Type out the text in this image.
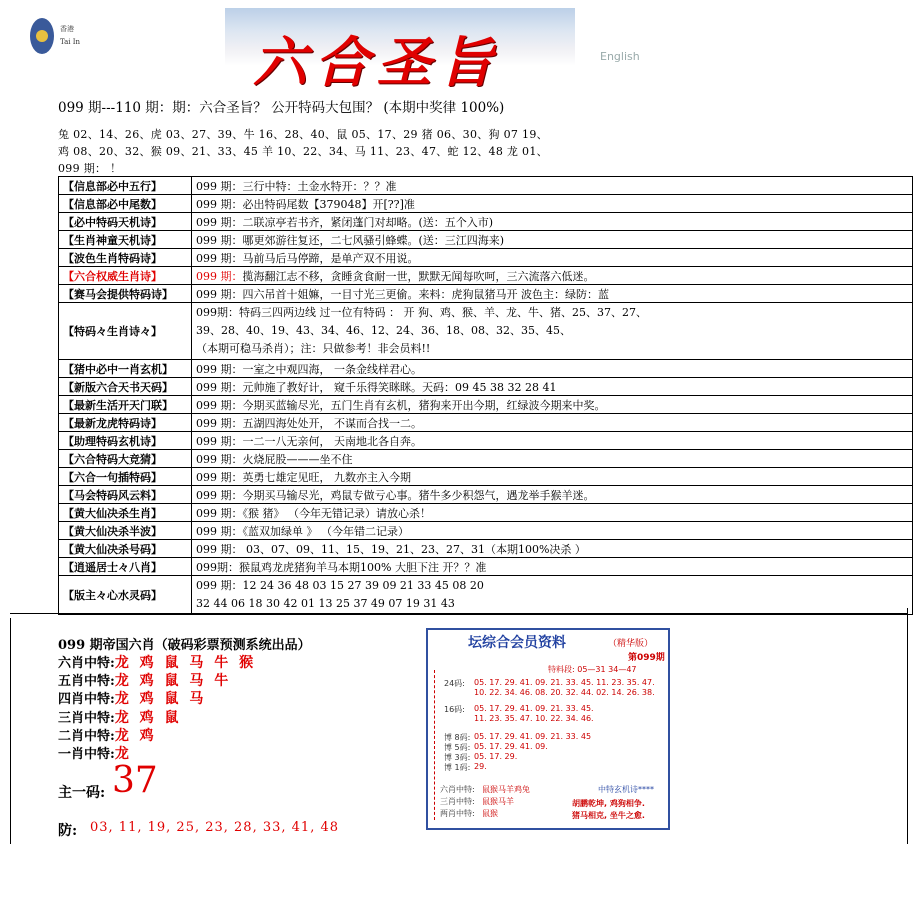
香港
Tai In	六合圣旨	English
099 期---110 期：期：六合圣旨？ 公开特码大包围？ (本期中奖律 100%)
兔 02、14、26、虎 03、27、39、牛 16、28、40、鼠 05、17、29 猪 06、30、狗 07 19、
鸡 08、20、32、猴 09、21、33、45 羊 10、22、34、马 11、23、47、蛇 12、48 龙 01、
099 期： ！
【信息部必中五行】	099 期：三行中特：土金水特开：？？准
【信息部必中尾数】	099 期：必出特码尾数【379048】开[??]准
【必中特码天机诗】	099 期：二联凉亭若书齐，紧闭蓬门对却略。(送：五个入市)
【生肖神童天机诗】	099 期：哪更郊游往复还，二七风骚引蜂蝶。(送：三江四海来)
【波色生肖特码诗】	099 期：马前马后马停蹄，是单产双不用说。
【六合权威生肖诗】	099 期：揽海翻江志不移，贪睡贪食耐一世，默默无闻每吹呵，三六流落六低迷。
【赛马会提供特码诗】	099 期：四六吊首十姐嫲，一目寸光三更偷。来料：虎狗鼠猪马开 波色主：绿防：蓝
【特码々生肖诗々】	099期：特码三四两边线 过一位有特码 ： 开 狗、鸡、猴、羊、龙、牛、猪、25、37、27、
39、28、40、19、43、34、46、12、24、36、18、08、32、35、45、
（本期可稳马杀肖）；注：只做参考！非会员料!!

【猪中必中一肖玄机】	099 期：一室之中观四海， 一条金线样君心。
【新版六合天书天码】	099 期：元帅施了教好计， 窥千乐得笑眯眯。天码：09 45 38 32 28 41
【最新生活开天门联】	099 期：今期买蓝输尽光，五门生肖有玄机，猪狗来开出今期，红绿波今期来中奖。
【最新龙虎特码诗】	099 期：五湖四海处处开， 不谋而合找一二。
【助理特码玄机诗】	099 期：一二一八无亲何， 天南地北各自奔。
【六合特码大竞猜】	099 期：火烧屁股———坐不住
【六合一句插特码】	099 期：英勇七雄定见旺， 九数亦主入今期
【马会特码风云料】	099 期：今期买马输尽光，鸡鼠专做亏心事。猪牛多少积怨气，遇龙举手猴羊迷。
【黄大仙决杀生肖】	099 期：《猴 猪》 （今年无错记录）请放心杀！
【黄大仙决杀半波】	099 期：《蓝双加绿单 》 （今年错二记录）
【黄大仙决杀号码】	099 期： 03、07、09、11、15、19、21、23、27、31（本期100%决杀 ）
【逍遥居士々八肖】	099期：猴鼠鸡龙虎猪狗羊马本期100% 大胆下注 开？？准
【版主々心水灵码】	099 期：12 24 36 48 03 15 27 39 09 21 33 45 08 20
32 44 06 18 30 42 01 13 25 37 49 07 19 31 43
099 期帝国六肖（破码彩票预测系统出品）
六肖中特:龙 鸡 鼠 马 牛 猴
五肖中特:龙 鸡 鼠 马 牛
四肖中特:龙 鸡 鼠 马
三肖中特:龙 鸡 鼠
二肖中特:龙 鸡
一肖中特:龙
主一码: 37
防: 03, 11, 19, 25, 23, 28, 33, 41, 48
坛综合会员资料	（精华版）
第099期
特料段: 05—31 34—47
24码: 05. 17. 29. 41. 09. 21. 33. 45. 11. 23. 35. 47.
10. 22. 34. 46. 08. 20. 32. 44. 02. 14. 26. 38.
16码: 05. 17. 29. 41. 09. 21. 33. 45.
11. 23. 35. 47. 10. 22. 34. 46.
博 8码: 05. 17. 29. 41. 09. 21. 33. 45
博 5码: 05. 17. 29. 41. 09.
博 3码: 05. 17. 29.
博 1码: 29.
六肖中特: 鼠猴马羊鸡兔
三肖中特: 鼠猴马羊
两肖中特: 鼠猴
中特玄机诗****
胡鹏乾坤, 鸡狗相争.
猪马相克, 坐牛之愈.
